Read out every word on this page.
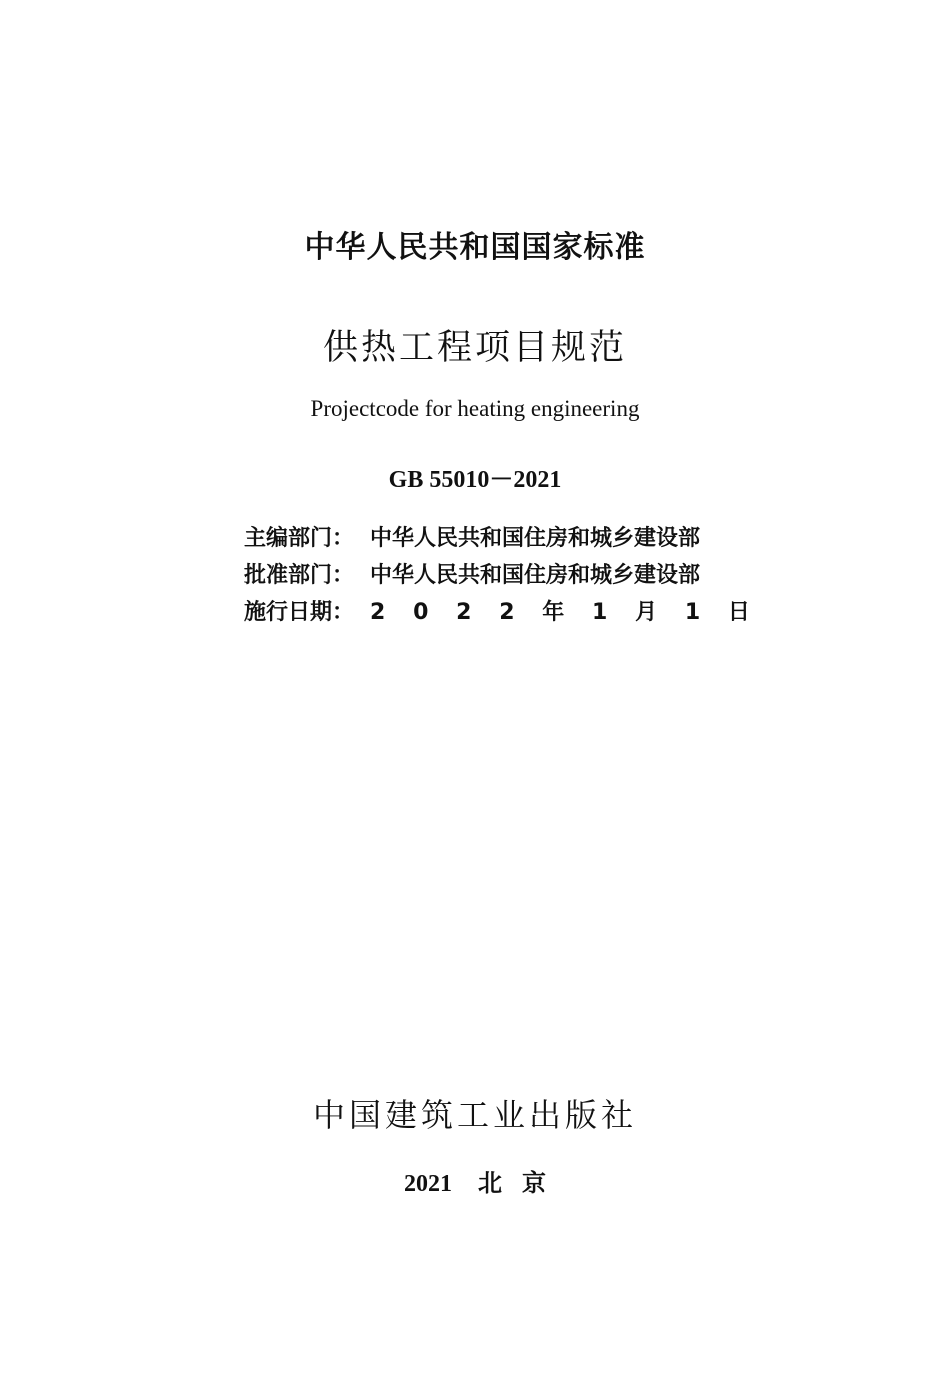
中华人民共和国国家标准
供热工程项目规范
Projectcode for heating engineering
GB 55010－2021
主编部门： 中华人民共和国住房和城乡建设部
批准部门： 中华人民共和国住房和城乡建设部
施行日期： 2 0 2 2 年 1 月 1 日
中国建筑工业出版社
2021 北 京
